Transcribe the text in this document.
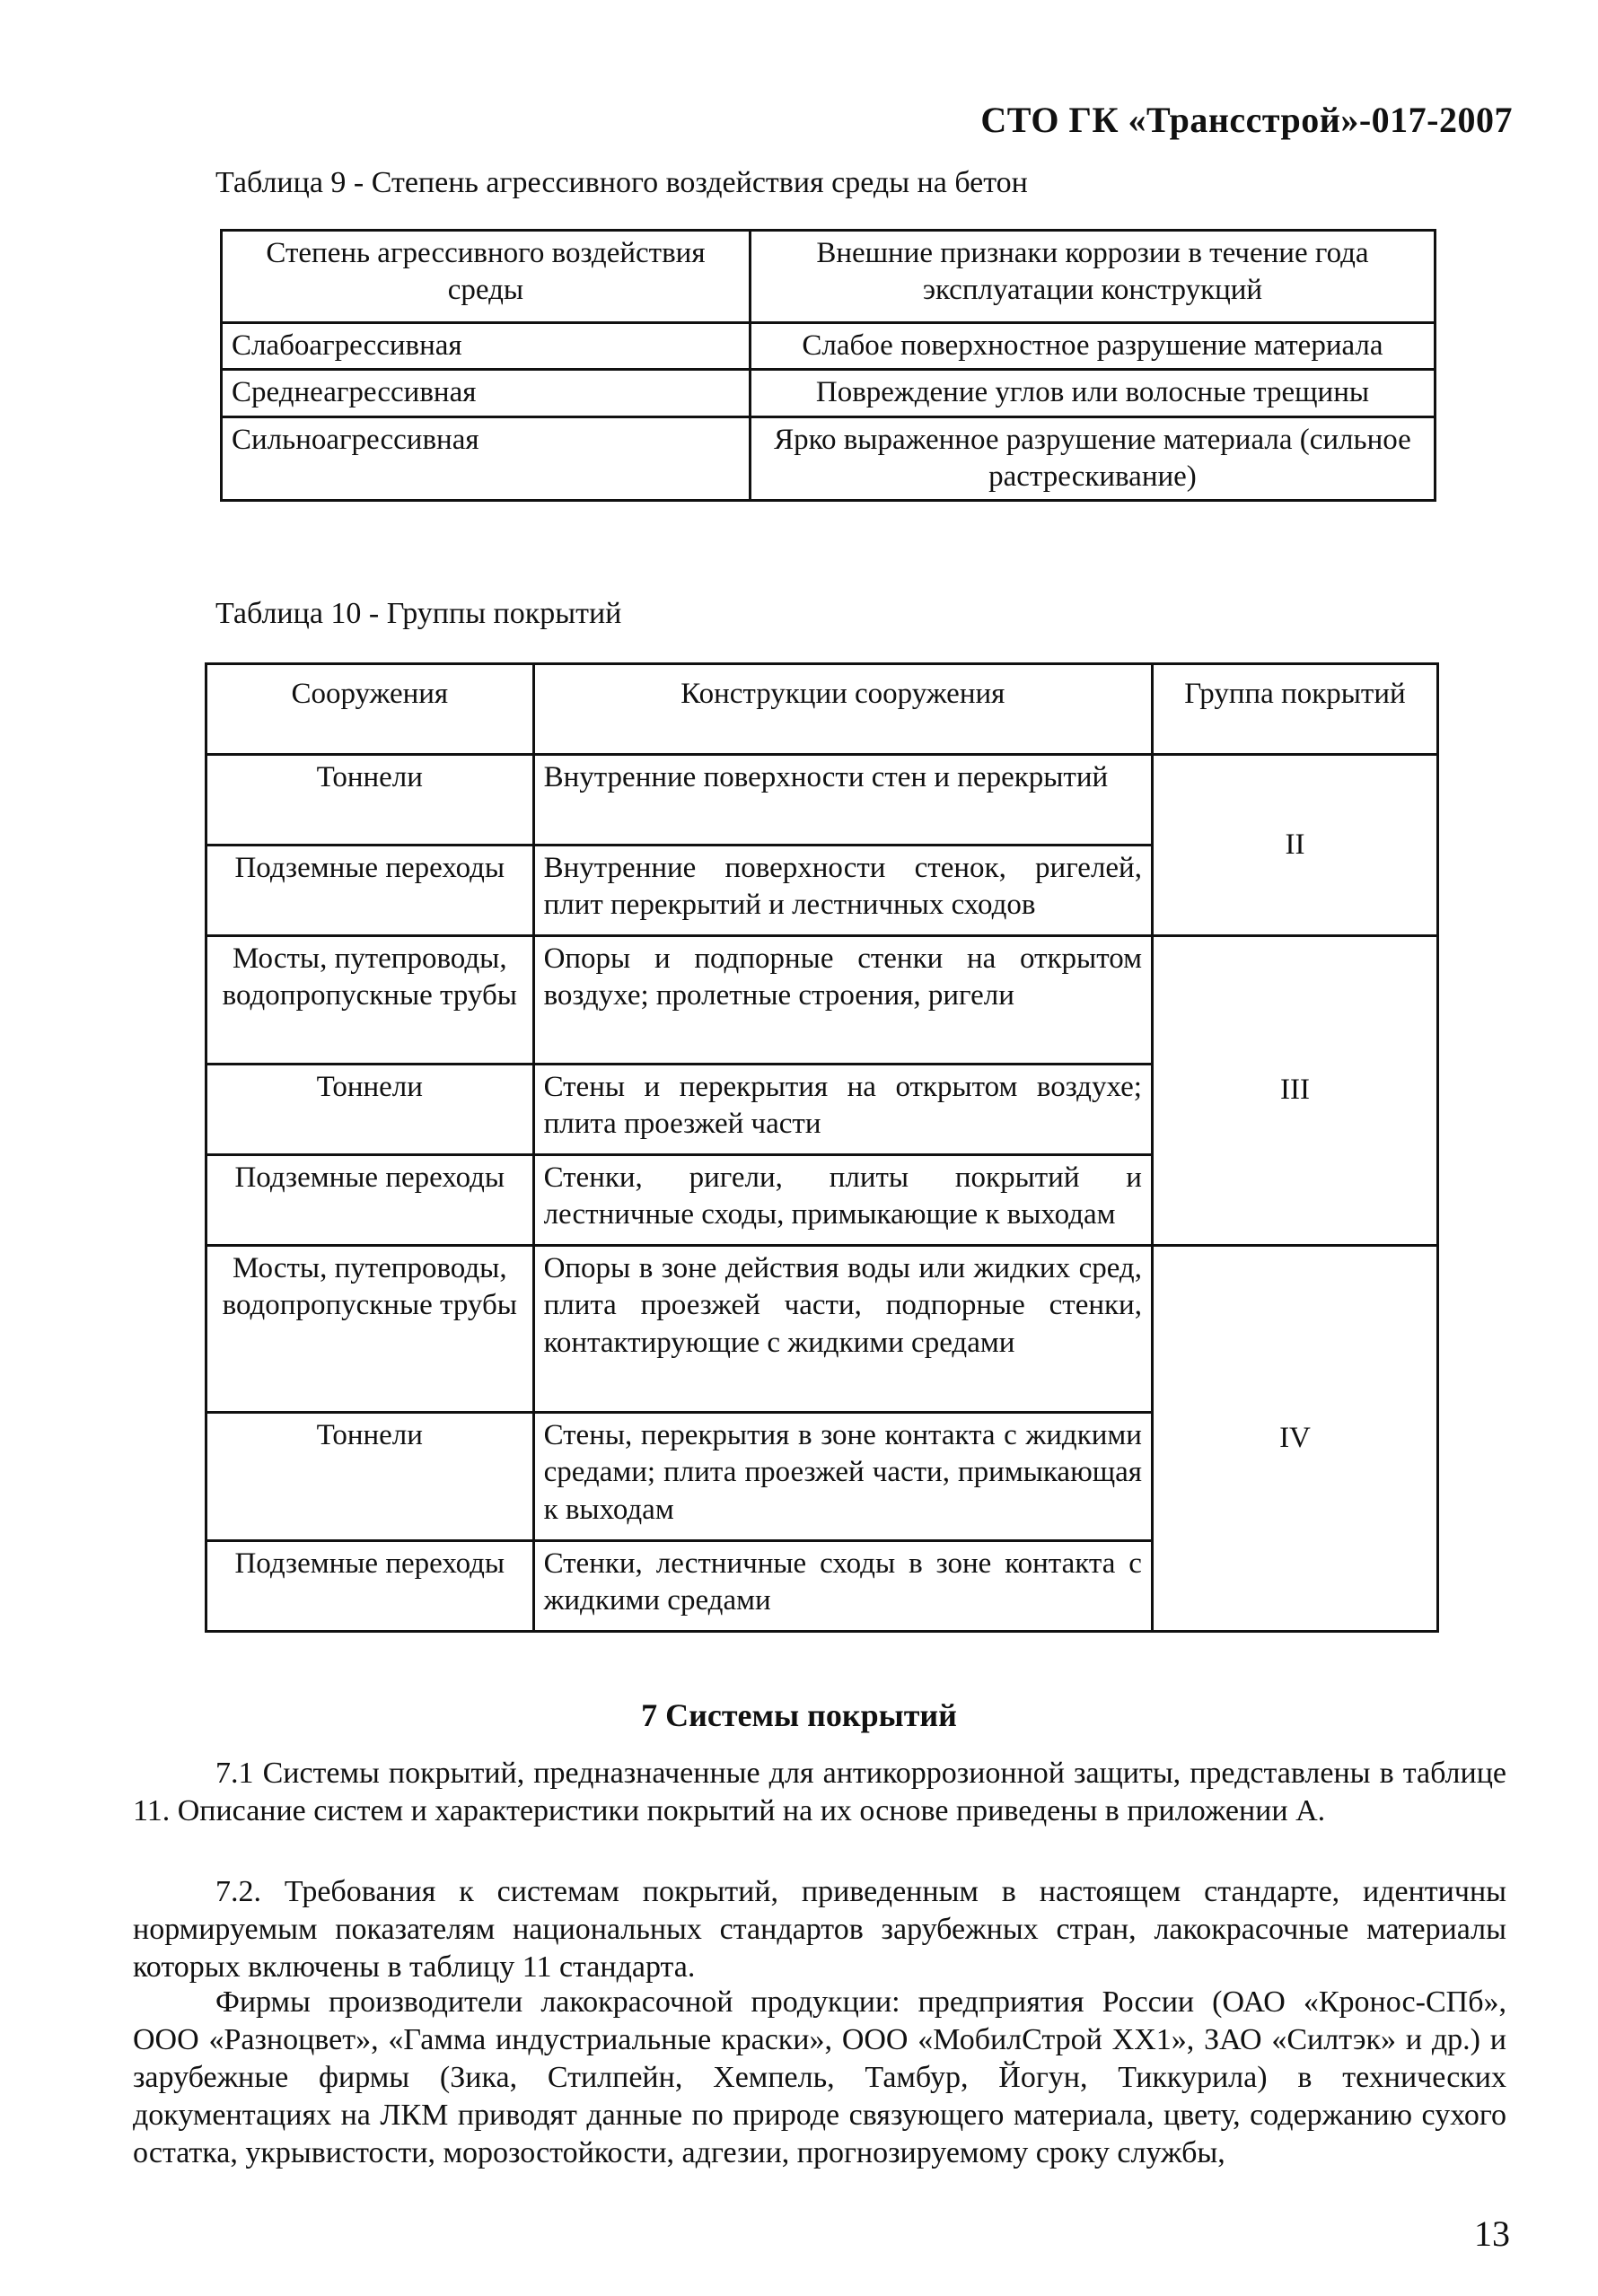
СТО ГК «Трансстрой»-017-2007
Таблица 9 - Степень агрессивного воздействия среды на бетон
Степень агрессивного воздействия среды	Внешние признаки коррозии в течение года эксплуатации конструкций
Слабоагрессивная	Слабое поверхностное разрушение материала
Среднеагрессивная	Повреждение углов или волосные трещины
Сильноагрессивная	Ярко выраженное разрушение материала (сильное растрескивание)
Таблица 10 - Группы покрытий
Сооружения	Конструкции сооружения	Группа покрытий
Тоннели	Внутренние поверхности стен и перекрытий	II
Подземные переходы	Внутренние поверхности стенок, ригелей, плит перекрытий и лестничных сходов	
Мосты, путепроводы, водопропускные трубы	Опоры и подпорные стенки на открытом воздухе; пролетные строения, ригели	III
Тоннели	Стены и перекрытия на открытом воздухе; плита проезжей части	
Подземные переходы	Стенки, ригели, плиты покрытий и лестничные сходы, примыкающие к выходам	
Мосты, путепроводы, водопропускные трубы	Опоры в зоне действия воды или жидких сред, плита проезжей части, подпорные стенки, контактирующие с жидкими средами	IV
Тоннели	Стены, перекрытия в зоне контакта с жидкими средами; плита проезжей части, примыкающая к выходам	
Подземные переходы	Стенки, лестничные сходы в зоне контакта с жидкими средами	
7 Системы покрытий

7.1 Системы покрытий, предназначенные для антикоррозионной защиты, представлены в таблице 11. Описание систем и характеристики покрытий на их основе приведены в приложении А.

7.2. Требования к системам покрытий, приведенным в настоящем стандарте, идентичны нормируемым показателям национальных стандартов зарубежных стран, лакокрасочные материалы которых включены в таблицу 11 стандарта.

Фирмы производители лакокрасочной продукции: предприятия России (ОАО «Кронос-СПб», ООО «Разноцвет», «Гамма индустриальные краски», ООО «МобилСтрой XX1», ЗАО «Силтэк» и др.) и зарубежные фирмы (Зика, Стилпейн, Хемпель, Тамбур, Йогун, Тиккурила) в технических документациях на ЛКМ приводят данные по природе связующего материала, цвету, содержанию сухого остатка, укрывистости, морозостойкости, адгезии, прогнозируемому сроку службы,

13
